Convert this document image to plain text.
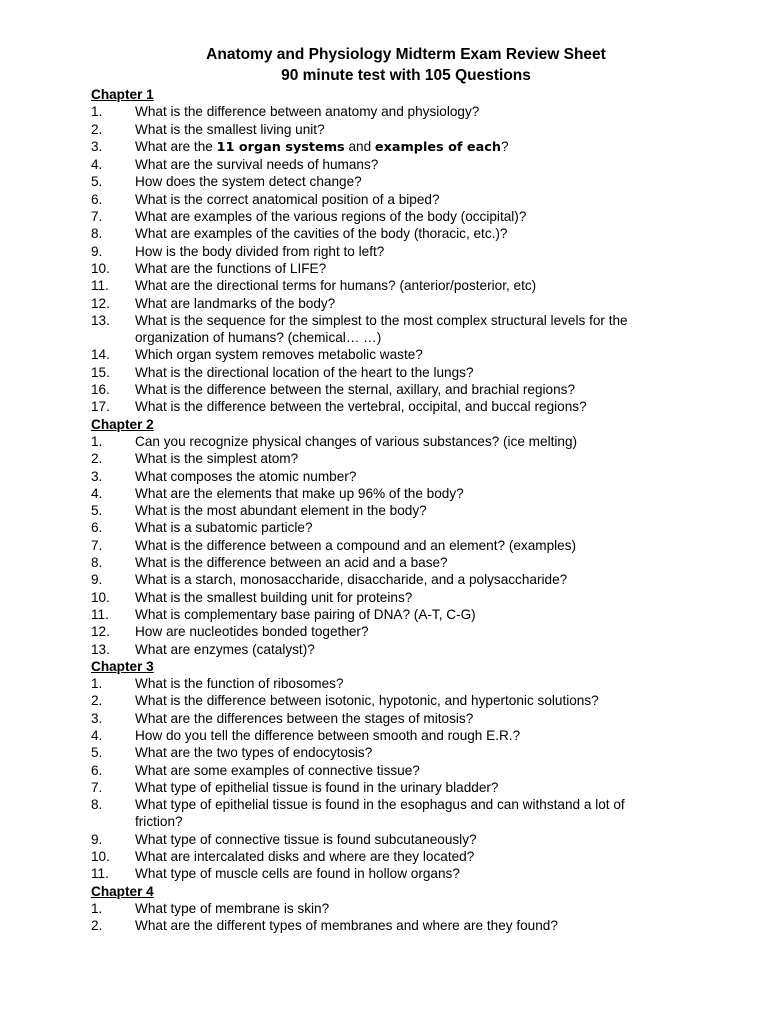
Anatomy and Physiology Midterm Exam Review Sheet
90 minute test with 105 Questions
Chapter 1
1. What is the difference between anatomy and physiology?
2. What is the smallest living unit?
3. What are the 11 organ systems and examples of each?
4. What are the survival needs of humans?
5. How does the system detect change?
6. What is the correct anatomical position of a biped?
7. What are examples of the various regions of the body (occipital)?
8. What are examples of the cavities of the body (thoracic, etc.)?
9. How is the body divided from right to left?
10. What are the functions of LIFE?
11. What are the directional terms for humans? (anterior/posterior, etc)
12. What are landmarks of the body?
13. What is the sequence for the simplest to the most complex structural levels for the
organization of humans? (chemical… …)
14. Which organ system removes metabolic waste?
15. What is the directional location of the heart to the lungs?
16. What is the difference between the sternal, axillary, and brachial regions?
17. What is the difference between the vertebral, occipital, and buccal regions?
Chapter 2
1. Can you recognize physical changes of various substances? (ice melting)
2. What is the simplest atom?
3. What composes the atomic number?
4. What are the elements that make up 96% of the body?
5. What is the most abundant element in the body?
6. What is a subatomic particle?
7. What is the difference between a compound and an element? (examples)
8. What is the difference between an acid and a base?
9. What is a starch, monosaccharide, disaccharide, and a polysaccharide?
10. What is the smallest building unit for proteins?
11. What is complementary base pairing of DNA? (A-T, C-G)
12. How are nucleotides bonded together?
13. What are enzymes (catalyst)?
Chapter 3
1. What is the function of ribosomes?
2. What is the difference between isotonic, hypotonic, and hypertonic solutions?
3. What are the differences between the stages of mitosis?
4. How do you tell the difference between smooth and rough E.R.?
5. What are the two types of endocytosis?
6. What are some examples of connective tissue?
7. What type of epithelial tissue is found in the urinary bladder?
8. What type of epithelial tissue is found in the esophagus and can withstand a lot of
friction?
9. What type of connective tissue is found subcutaneously?
10. What are intercalated disks and where are they located?
11. What type of muscle cells are found in hollow organs?
Chapter 4
1. What type of membrane is skin?
2. What are the different types of membranes and where are they found?
